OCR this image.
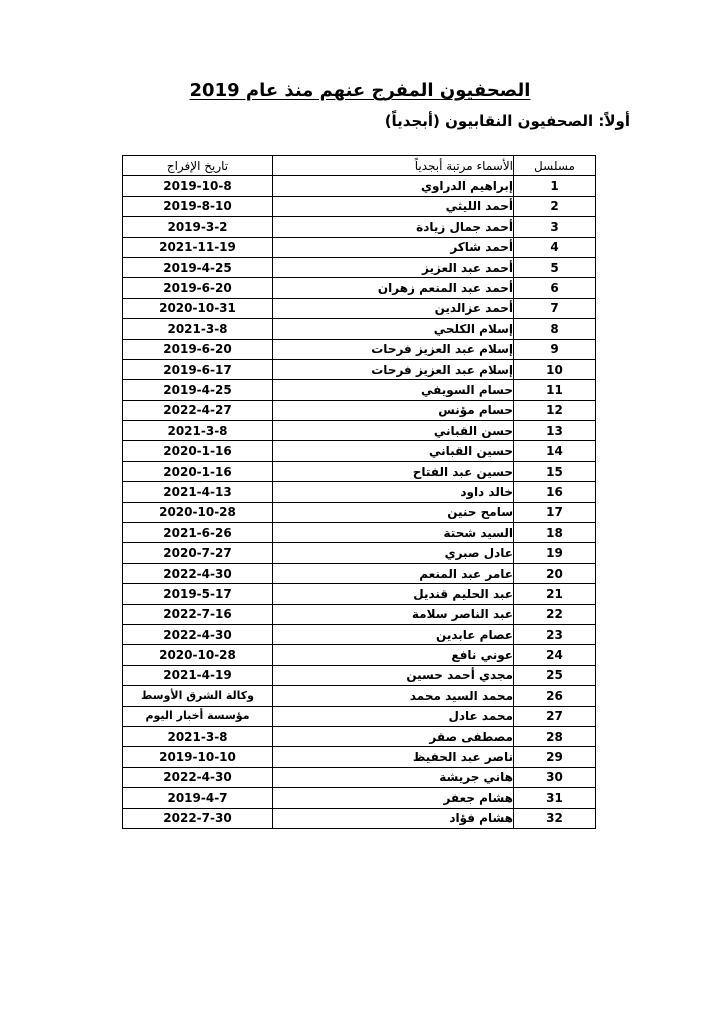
الصحفيون المفرج عنهم منذ عام 2019
أولاً: الصحفيون النقابيون (أبجدياً)
مسلسل	الأسماء مرتبة أبجدياً	تاريخ الإفراج
1	إبراهيم الدراوي	2019-10-8
2	أحمد الليثي	2019-8-10
3	أحمد جمال زيادة	2019-3-2
4	أحمد شاكر	2021-11-19
5	أحمد عبد العزيز	2019-4-25
6	أحمد عبد المنعم زهران	2019-6-20
7	أحمد عزالدين	2020-10-31
8	إسلام الكلحي	2021-3-8
9	إسلام عبد العزيز فرحات	2019-6-20
10	إسلام عبد العزيز فرحات	2019-6-17
11	حسام السويفي	2019-4-25
12	حسام مؤنس	2022-4-27
13	حسن القباني	2021-3-8
14	حسين القباني	2020-1-16
15	حسين عبد الفتاح	2020-1-16
16	خالد داود	2021-4-13
17	سامح حنين	2020-10-28
18	السيد شحتة	2021-6-26
19	عادل صبري	2020-7-27
20	عامر عبد المنعم	2022-4-30
21	عبد الحليم قنديل	2019-5-17
22	عبد الناصر سلامة	2022-7-16
23	عصام عابدين	2022-4-30
24	عوني نافع	2020-10-28
25	مجدي أحمد حسين	2021-4-19
26	محمد السيد محمد	وكالة الشرق الأوسط
27	محمد عادل	مؤسسة أخبار اليوم
28	مصطفى صقر	2021-3-8
29	ناصر عبد الحفيظ	2019-10-10
30	هاني جريشة	2022-4-30
31	هشام جعفر	2019-4-7
32	هشام فؤاد	2022-7-30
